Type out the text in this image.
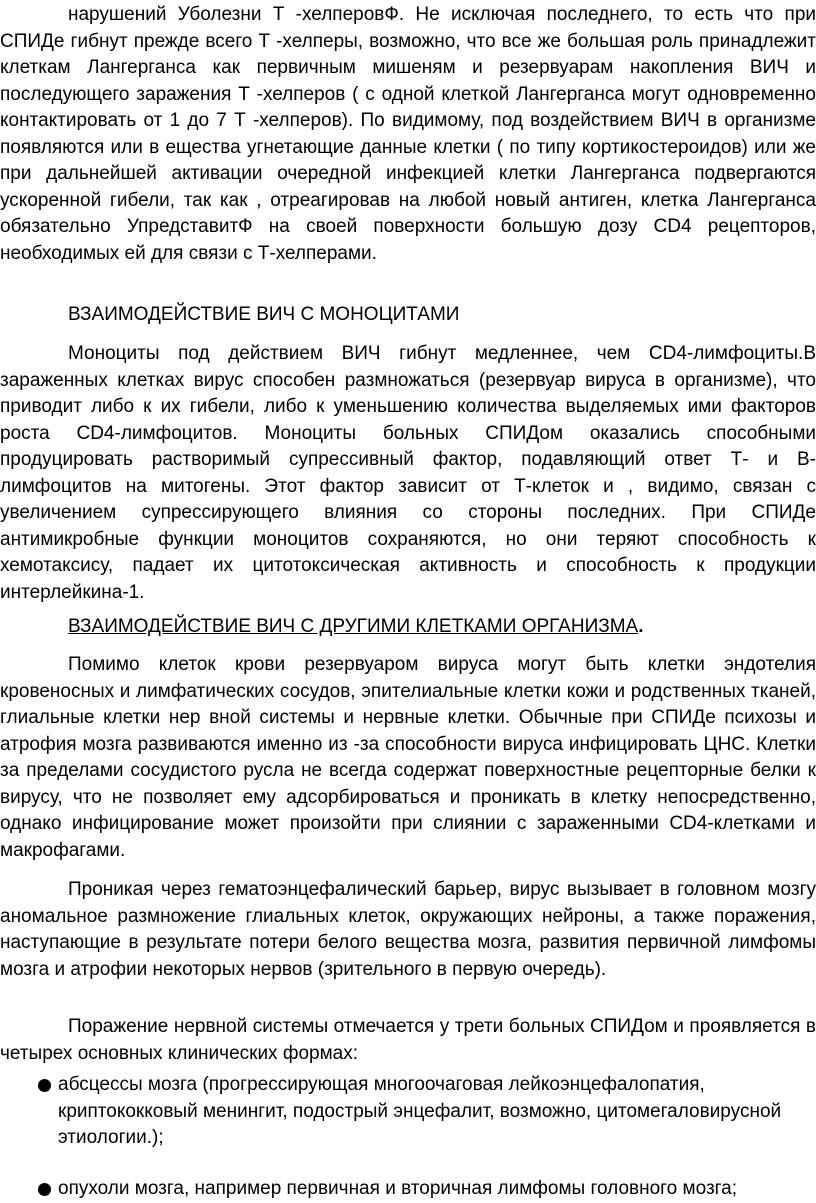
нарушений Уболезни Т -хелперовФ. Не исключая последнего, то есть что при СПИДе гибнут прежде всего Т -хелперы, возможно, что все же большая роль принадлежит клеткам Лангерганса как первичным мишеням и резервуарам накопления ВИЧ и последующего заражения Т -хелперов ( с одной клеткой Лангерганса могут одновременно контактировать от 1 до 7 Т -хелперов). По видимому, под воздействием ВИЧ в организме появляются или в ещества угнетающие данные клетки ( по типу кортикостероидов) или же при дальнейшей активации очередной инфекцией клетки Лангерганса подвергаются ускоренной гибели, так как , отреагировав на любой новый антиген, клетка Лангерганса обязательно УпредставитФ на своей поверхности большую дозу CD4 рецепторов, необходимых ей для связи с Т-хелперами.

ВЗАИМОДЕЙСТВИЕ ВИЧ С МОНОЦИТАМИ

Моноциты под действием ВИЧ гибнут медленнее, чем CD4-лимфоциты.В зараженных клетках вирус способен размножаться (резервуар вируса в организме), что приводит либо к их гибели, либо к уменьшению количества выделяемых ими факторов роста CD4-лимфоцитов. Моноциты больных СПИДом оказались способными продуцировать растворимый супрессивный фактор, подавляющий ответ Т- и В-лимфоцитов на митогены. Этот фактор зависит от Т-клеток и , видимо, связан с увеличением супрессирующего влияния со стороны последних. При СПИДе антимикробные функции моноцитов сохраняются, но они теряют способность к хемотаксису, падает их цитотоксическая активность и способность к продукции интерлейкина-1.

ВЗАИМОДЕЙСТВИЕ ВИЧ С ДРУГИМИ КЛЕТКАМИ ОРГАНИЗМА.

Помимо клеток крови резервуаром вируса могут быть клетки эндотелия кровеносных и лимфатических сосудов, эпителиальные клетки кожи и родственных тканей, глиальные клетки нер вной системы и нервные клетки. Обычные при СПИДе психозы и атрофия мозга развиваются именно из -за способности вируса инфицировать ЦНС. Клетки за пределами сосудистого русла не всегда содержат поверхностные рецепторные белки к вирусу, что не позволяет ему адсорбироваться и проникать в клетку непосредственно, однако инфицирование может произойти при слиянии с зараженными CD4-клетками и макрофагами.

Проникая через гематоэнцефалический барьер, вирус вызывает в головном мозгу аномальное размножение глиальных клеток, окружающих нейроны, а также поражения, наступающие в результате потери белого вещества мозга, развития первичной лимфомы мозга и атрофии некоторых нервов (зрительного в первую очередь).

Поражение нервной системы отмечается у трети больных СПИДом и проявляется в четырех основных клинических формах:

абсцессы мозга (прогрессирующая многоочаговая лейкоэнцефалопатия, криптококковый менингит, подострый энцефалит, возможно, цитомегаловирусной этиологии.);
опухоли мозга, например первичная и вторичная лимфомы головного мозга;
